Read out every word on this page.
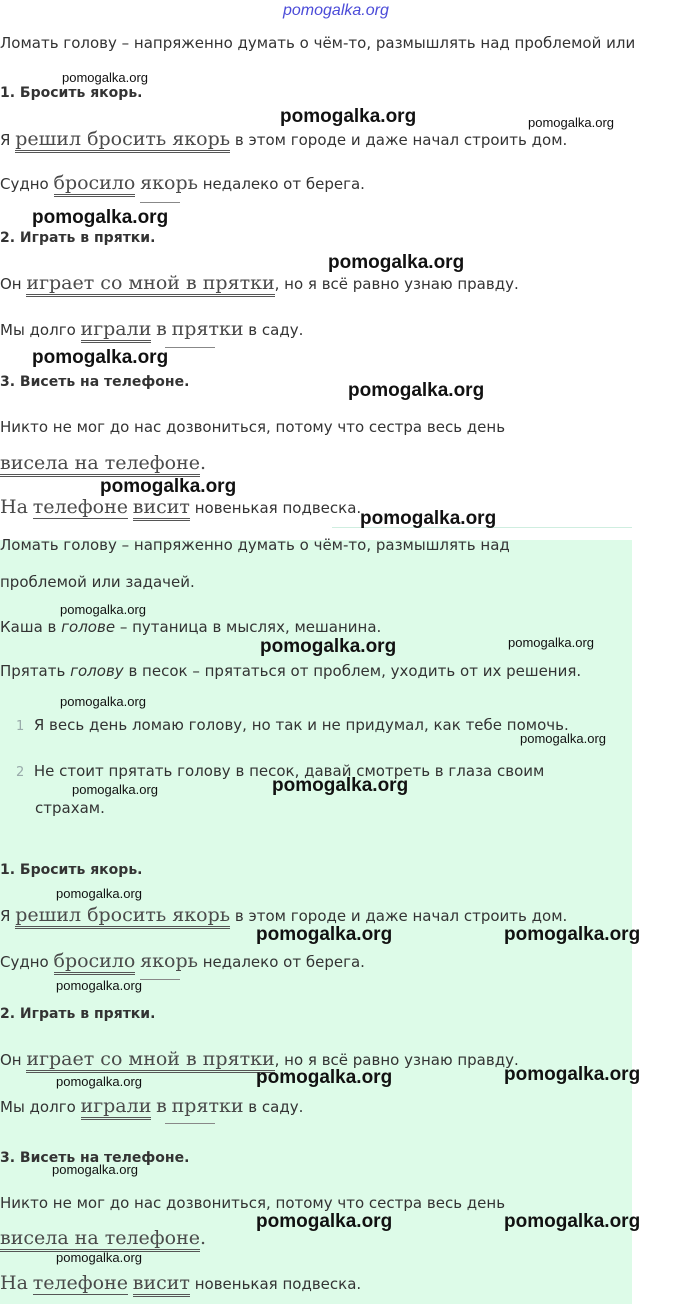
pomogalka.org
Ломать голову – напряженно думать о чём-то, размышлять над проблемой или
1. Бросить якорь.
Я решил бросить якорь в этом городе и даже начал строить дом.
Судно бросило якорь недалеко от берега.
2. Играть в прятки.
Он играет со мной в прятки, но я всё равно узнаю правду.
Мы долго играли в прятки в саду.
3. Висеть на телефоне.
Никто не мог до нас дозвониться, потому что сестра весь день
висела на телефоне.
На телефоне висит новенькая подвеска.
Ломать голову – напряженно думать о чём-то, размышлять над
проблемой или задачей.
Каша в голове – путаница в мыслях, мешанина.
Прятать голову в песок – прятаться от проблем, уходить от их решения.
1 Я весь день ломаю голову, но так и не придумал, как тебе помочь.
2 Не стоит прятать голову в песок, давай смотреть в глаза своим
страхам.
1. Бросить якорь.
Я решил бросить якорь в этом городе и даже начал строить дом.
Судно бросило якорь недалеко от берега.
2. Играть в прятки.
Он играет со мной в прятки, но я всё равно узнаю правду.
Мы долго играли в прятки в саду.
3. Висеть на телефоне.
Никто не мог до нас дозвониться, потому что сестра весь день
висела на телефоне.
На телефоне висит новенькая подвеска.
pomogalka.org
pomogalka.org	pomogalka.org
pomogalka.org
pomogalka.org
pomogalka.org
pomogalka.org
pomogalka.org
pomogalka.org
pomogalka.org
pomogalka.org	pomogalka.org
pomogalka.org
pomogalka.org
pomogalka.org
pomogalka.org
pomogalka.org
pomogalka.org	pomogalka.org
pomogalka.org
pomogalka.org	pomogalka.org	pomogalka.org
pomogalka.org
pomogalka.org	pomogalka.org
pomogalka.org
